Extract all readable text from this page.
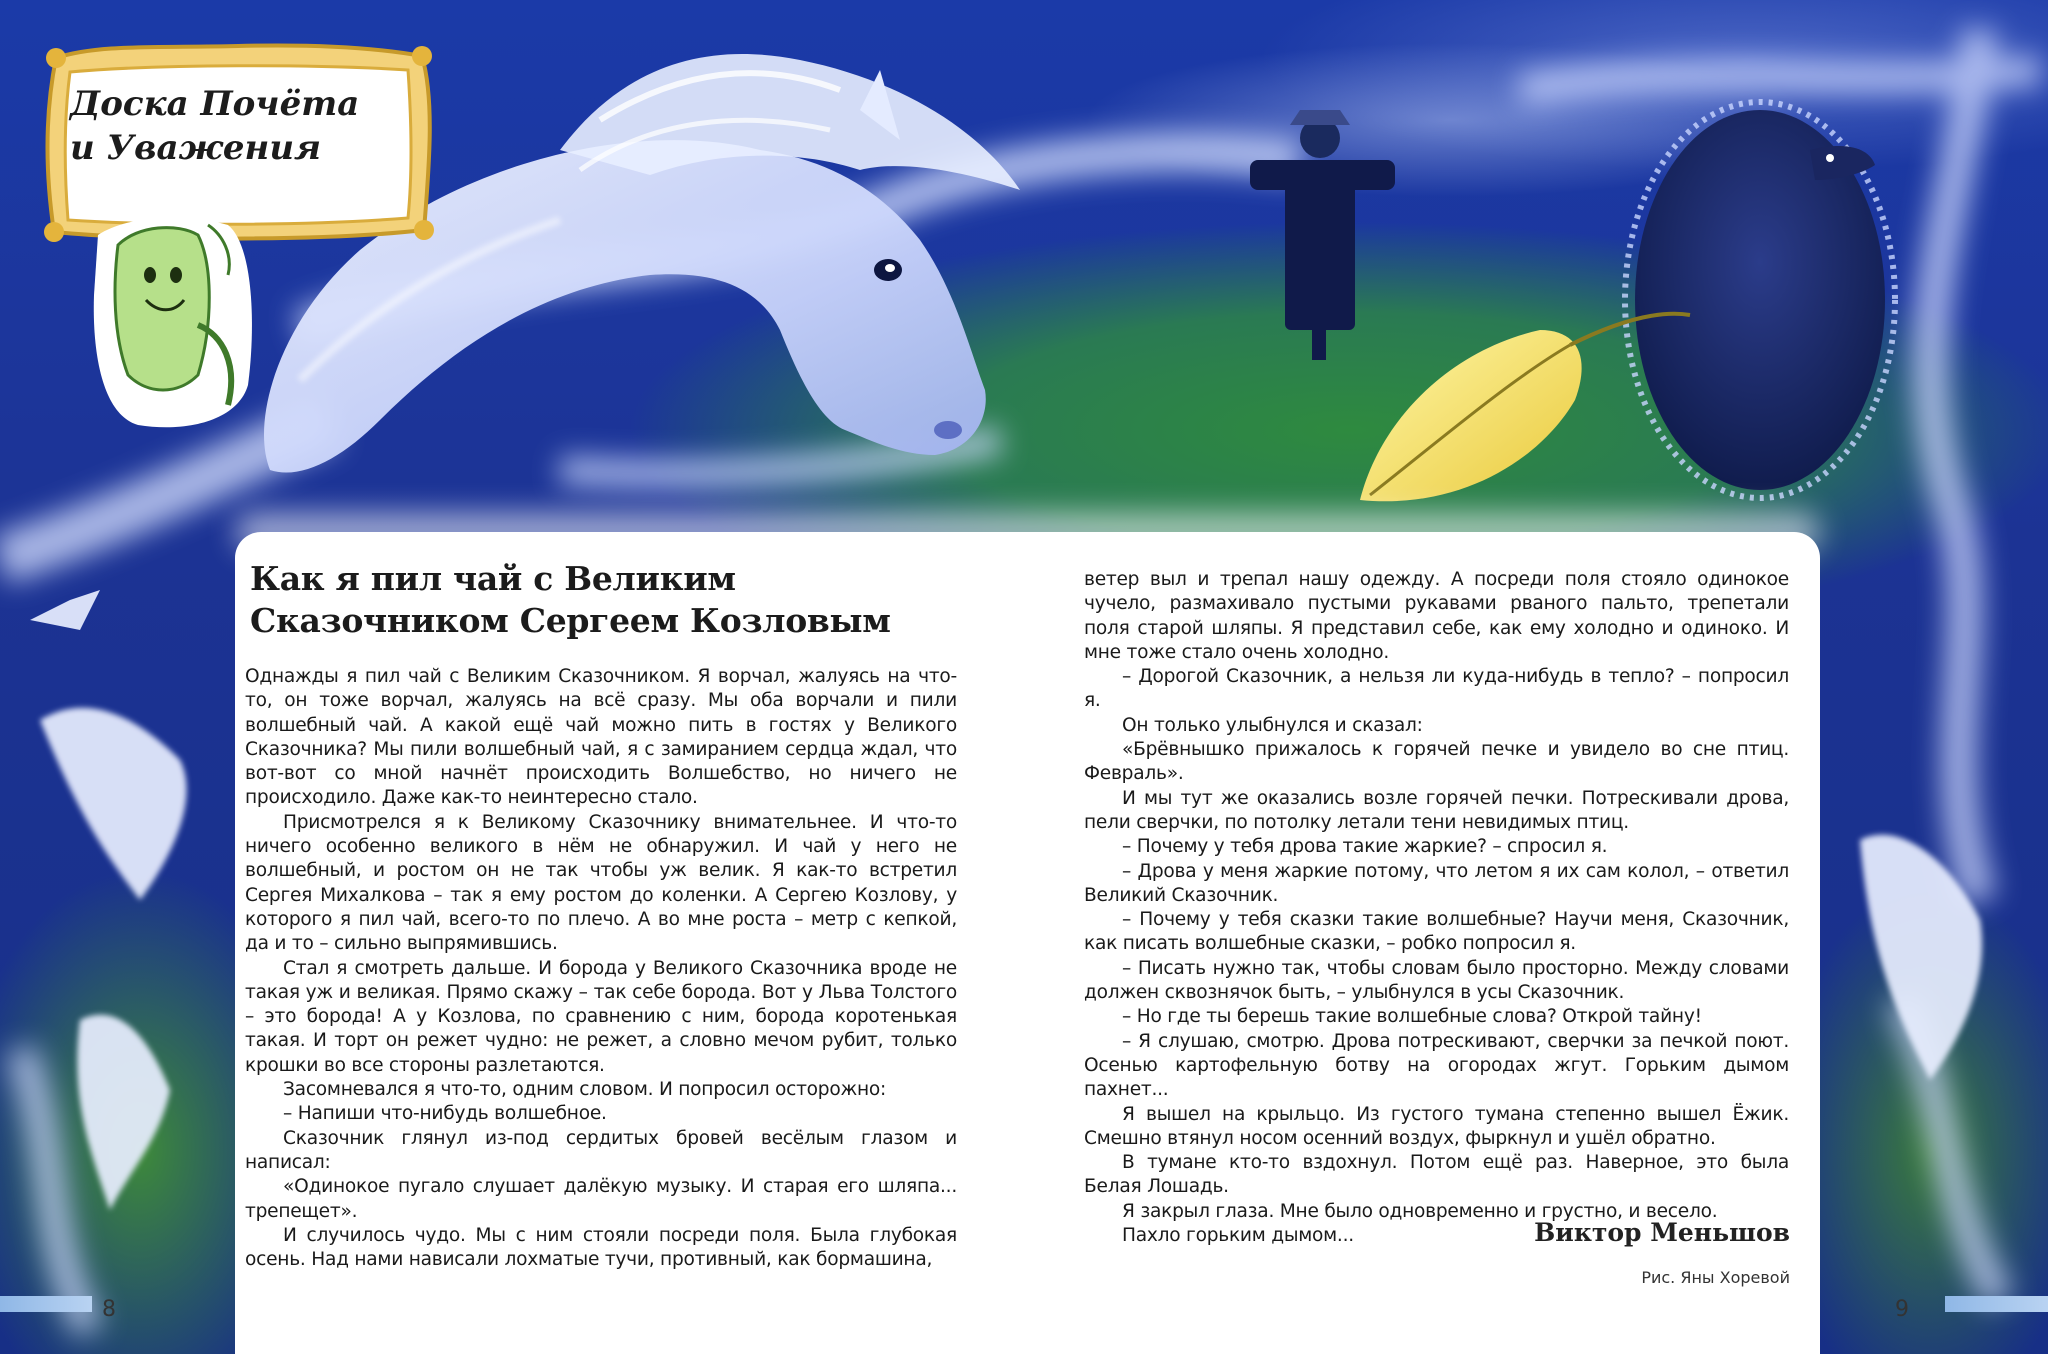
Доска Почёта
и Уважения
Как я пил чай с Великим Сказочником Сергеем Козловым

Однажды я пил чай с Великим Сказочником. Я ворчал, жалуясь на что-то, он тоже ворчал, жалуясь на всё сразу. Мы оба ворчали и пили волшебный чай. А какой ещё чай можно пить в гостях у Великого Сказочника? Мы пили волшебный чай, я с замиранием сердца ждал, что вот-вот со мной начнёт происходить Волшебство, но ничего не происходило. Даже как-то неинтересно стало.

Присмотрелся я к Великому Сказочнику внимательнее. И что-то ничего особенно великого в нём не обнаружил. И чай у него не волшебный, и ростом он не так чтобы уж велик. Я как-то встретил Сергея Михалкова – так я ему ростом до коленки. А Сергею Козлову, у которого я пил чай, всего-то по плечо. А во мне роста – метр с кепкой, да и то – сильно выпрямившись.

Стал я смотреть дальше. И борода у Великого Сказочника вроде не такая уж и великая. Прямо скажу – так себе борода. Вот у Льва Толстого – это борода! А у Козлова, по сравнению с ним, борода коротенькая такая. И торт он режет чудно: не режет, а словно мечом рубит, только крошки во все стороны разлетаются.

Засомневался я что-то, одним словом. И попросил осторожно:

– Напиши что-нибудь волшебное.

Сказочник глянул из-под сердитых бровей весёлым глазом и написал:

«Одинокое пугало слушает далёкую музыку. И старая его шляпа... трепещет».

И случилось чудо. Мы с ним стояли посреди поля. Была глубокая осень. Над нами нависали лохматые тучи, противный, как бормашина,

ветер выл и трепал нашу одежду. А посреди поля стояло одинокое чучело, размахивало пустыми рукавами рваного пальто, трепетали поля старой шляпы. Я представил себе, как ему холодно и одиноко. И мне тоже стало очень холодно.

– Дорогой Сказочник, а нельзя ли куда-нибудь в тепло? – попросил я.

Он только улыбнулся и сказал:

«Брёвнышко прижалось к горячей печке и увидело во сне птиц. Февраль».

И мы тут же оказались возле горячей печки. Потрескивали дрова, пели сверчки, по потолку летали тени невидимых птиц.

– Почему у тебя дрова такие жаркие? – спросил я.

– Дрова у меня жаркие потому, что летом я их сам колол, – ответил Великий Сказочник.

– Почему у тебя сказки такие волшебные? Научи меня, Сказочник, как писать волшебные сказки, – робко попросил я.

– Писать нужно так, чтобы словам было просторно. Между словами должен сквознячок быть, – улыбнулся в усы Сказочник.

– Но где ты берешь такие волшебные слова? Открой тайну!

– Я слушаю, смотрю. Дрова потрескивают, сверчки за печкой поют. Осенью картофельную ботву на огородах жгут. Горьким дымом пахнет...

Я вышел на крыльцо. Из густого тумана степенно вышел Ёжик. Смешно втянул носом осенний воздух, фыркнул и ушёл обратно.

В тумане кто-то вздохнул. Потом ещё раз. Наверное, это была Белая Лошадь.

Я закрыл глаза. Мне было одновременно и грустно, и весело.

Пахло горьким дымом...	Виктор Меньшов
Рис. Яны Хоревой
8	9
